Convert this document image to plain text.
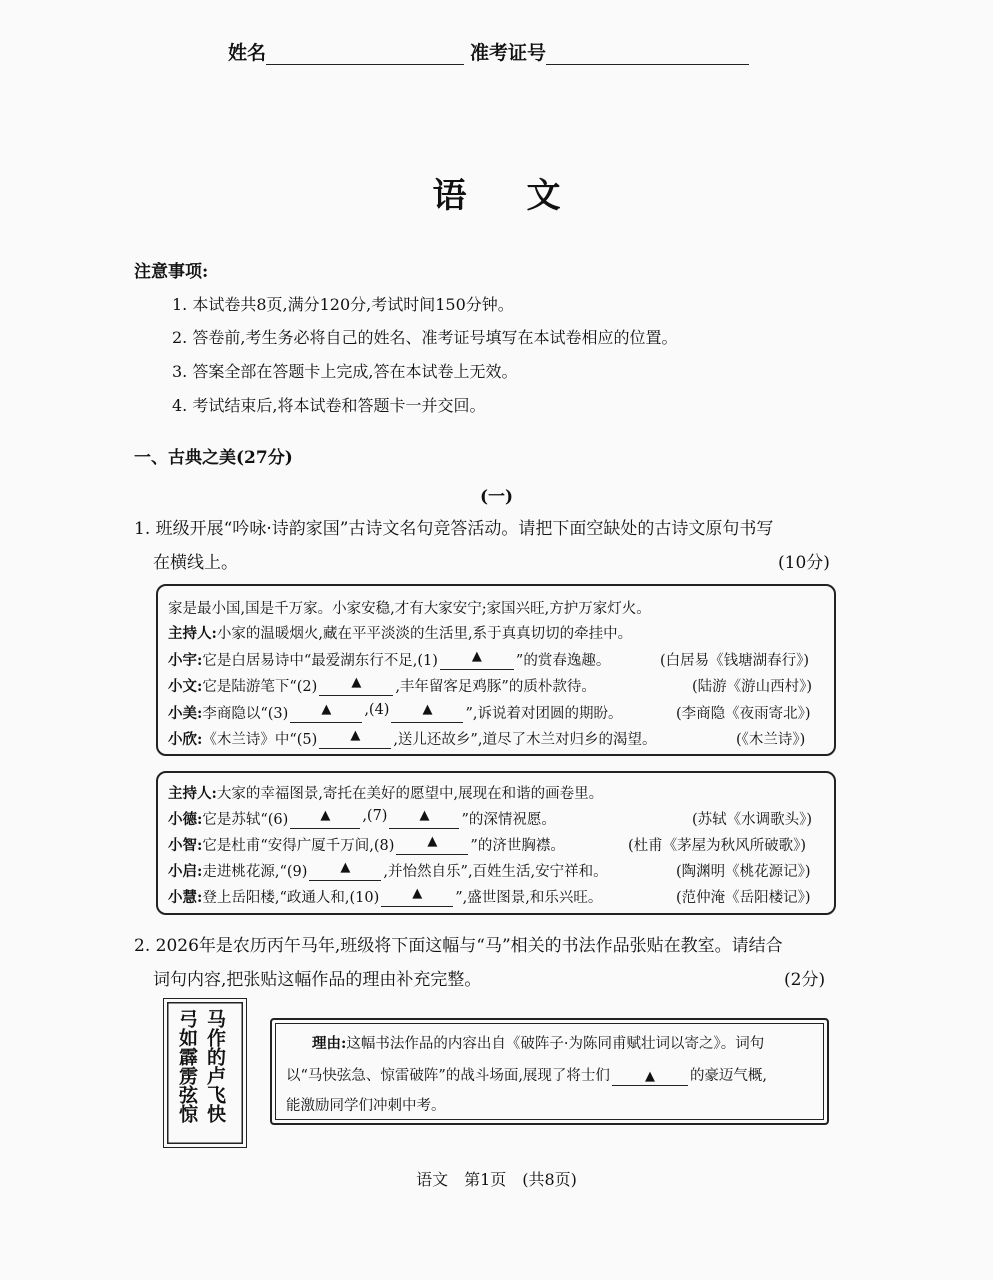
姓名	准考证号
语文
注意事项:
1. 本试卷共8页,满分120分,考试时间150分钟。
2. 答卷前,考生务必将自己的姓名、准考证号填写在本试卷相应的位置。
3. 答案全部在答题卡上完成,答在本试卷上无效。
4. 考试结束后,将本试卷和答题卡一并交回。
一、古典之美(27分)
(一)
1. 班级开展“吟咏·诗韵家国”古诗文名句竞答活动。请把下面空缺处的古诗文原句书写
在横线上。	(10分)
家是最小国,国是千万家。小家安稳,才有大家安宁;家国兴旺,方护万家灯火。
主持人: 小家的温暖烟火,藏在平平淡淡的生活里,系于真真切切的牵挂中。
小宇: 它是白居易诗中“最爱湖东行不足,(1)	▲	”的赏春逸趣。	(白居易《钱塘湖春行》)
小文: 它是陆游笔下“(2)	▲	,丰年留客足鸡豚”的质朴款待。	(陆游《游山西村》)
小美: 李商隐以“(3)	▲	,(4)	▲	”,诉说着对团圆的期盼。	(李商隐《夜雨寄北》)
小欣: 《木兰诗》中“(5)	▲	,送儿还故乡”,道尽了木兰对归乡的渴望。	(《木兰诗》)
主持人: 大家的幸福图景,寄托在美好的愿望中,展现在和谐的画卷里。
小德: 它是苏轼“(6)	▲	,(7)	▲	”的深情祝愿。	(苏轼《水调歌头》)
小智: 它是杜甫“安得广厦千万间,(8)	▲	”的济世胸襟。	(杜甫《茅屋为秋风所破歌》)
小启: 走进桃花源,“(9)	▲	,并怡然自乐”,百姓生活,安宁祥和。	(陶渊明《桃花源记》)
小慧: 登上岳阳楼,“政通人和,(10)	▲	”,盛世图景,和乐兴旺。	(范仲淹《岳阳楼记》)
2. 2026年是农历丙午马年,班级将下面这幅与“马”相关的书法作品张贴在教室。请结合
词句内容,把张贴这幅作品的理由补充完整。	(2分)
马作的卢飞快
弓如霹雳弦惊	理由:这幅书法作品的内容出自《破阵子·为陈同甫赋壮词以寄之》。词句
以“马快弦急、惊雷破阵”的战斗场面,展现了将士们	▲ 的豪迈气概,
能激励同学们冲刺中考。
语文　第1页　(共8页)
